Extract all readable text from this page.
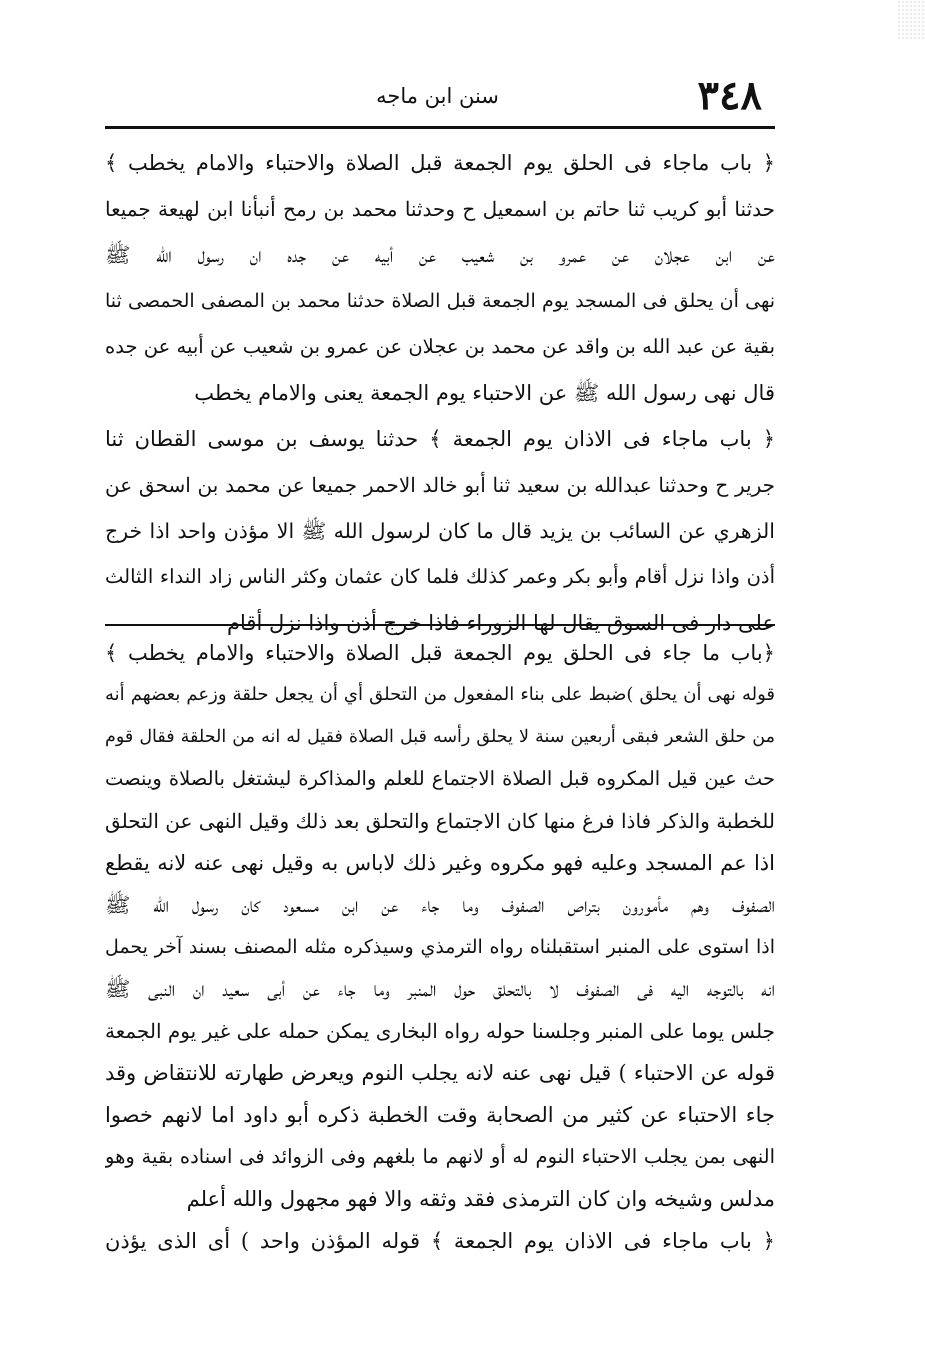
٣٤٨
سنن ابن ماجه
﴿ باب ماجاء فى الحلق يوم الجمعة قبل الصلاة والاحتباء والامام يخطب ﴾
حدثنا أبو كريب ثنا حاتم بن اسمعيل ح وحدثنا محمد بن رمح أنبأنا ابن لهيعة جميعا
عن ابن عجلان عن عمرو بن شعيب عن أبيه عن جده ان رسول الله ﷺ
نهى أن يحلق فى المسجد يوم الجمعة قبل الصلاة حدثنا محمد بن المصفى الحمصى ثنا
بقية عن عبد الله بن واقد عن محمد بن عجلان عن عمرو بن شعيب عن أبيه عن جده
قال نهى رسول الله ﷺ عن الاحتباء يوم الجمعة يعنى والامام يخطب
﴿ باب ماجاء فى الاذان يوم الجمعة ﴾ حدثنا يوسف بن موسى القطان ثنا
جرير ح وحدثنا عبدالله بن سعيد ثنا أبو خالد الاحمر جميعا عن محمد بن اسحق عن
الزهري عن السائب بن يزيد قال ما كان لرسول الله ﷺ الا مؤذن واحد اذا خرج
أذن واذا نزل أقام وأبو بكر وعمر كذلك فلما كان عثمان وكثر الناس زاد النداء الثالث
على دار فى السوق يقال لها الزوراء فاذا خرج أذن واذا نزل أقام
﴿باب ما جاء فى الحلق يوم الجمعة قبل الصلاة والاحتباء والامام يخطب ﴾
قوله نهى أن يحلق )ضبط على بناء المفعول من التحلق أي أن يجعل حلقة وزعم بعضهم أنه
من حلق الشعر فبقى أربعين سنة لا يحلق رأسه قبل الصلاة فقيل له انه من الحلقة فقال قوم
حث عين قيل المكروه قبل الصلاة الاجتماع للعلم والمذاكرة ليشتغل بالصلاة وينصت
للخطبة والذكر فاذا فرغ منها كان الاجتماع والتحلق بعد ذلك وقيل النهى عن التحلق
اذا عم المسجد وعليه فهو مكروه وغير ذلك لاباس به وقيل نهى عنه لانه يقطع
الصفوف وهم مأمورون بتراص الصفوف وما جاء عن ابن مسعود كان رسول الله ﷺ
اذا استوى على المنبر استقبلناه رواه الترمذي وسيذكره مثله المصنف بسند آخر يحمل
انه بالتوجه اليه فى الصفوف لا بالتحلق حول المنبر وما جاء عن أبى سعيد ان النبى ﷺ
جلس يوما على المنبر وجلسنا حوله رواه البخارى يمكن حمله على غير يوم الجمعة
قوله عن الاحتباء ) قيل نهى عنه لانه يجلب النوم ويعرض طهارته للانتقاض وقد
جاء الاحتباء عن كثير من الصحابة وقت الخطبة ذكره أبو داود اما لانهم خصوا
النهى بمن يجلب الاحتباء النوم له أو لانهم ما بلغهم وفى الزوائد فى اسناده بقية وهو
مدلس وشيخه وان كان الترمذى فقد وثقه والا فهو مجهول والله أعلم
﴿ باب ماجاء فى الاذان يوم الجمعة ﴾ قوله المؤذن واحد ) أى الذى يؤذن
